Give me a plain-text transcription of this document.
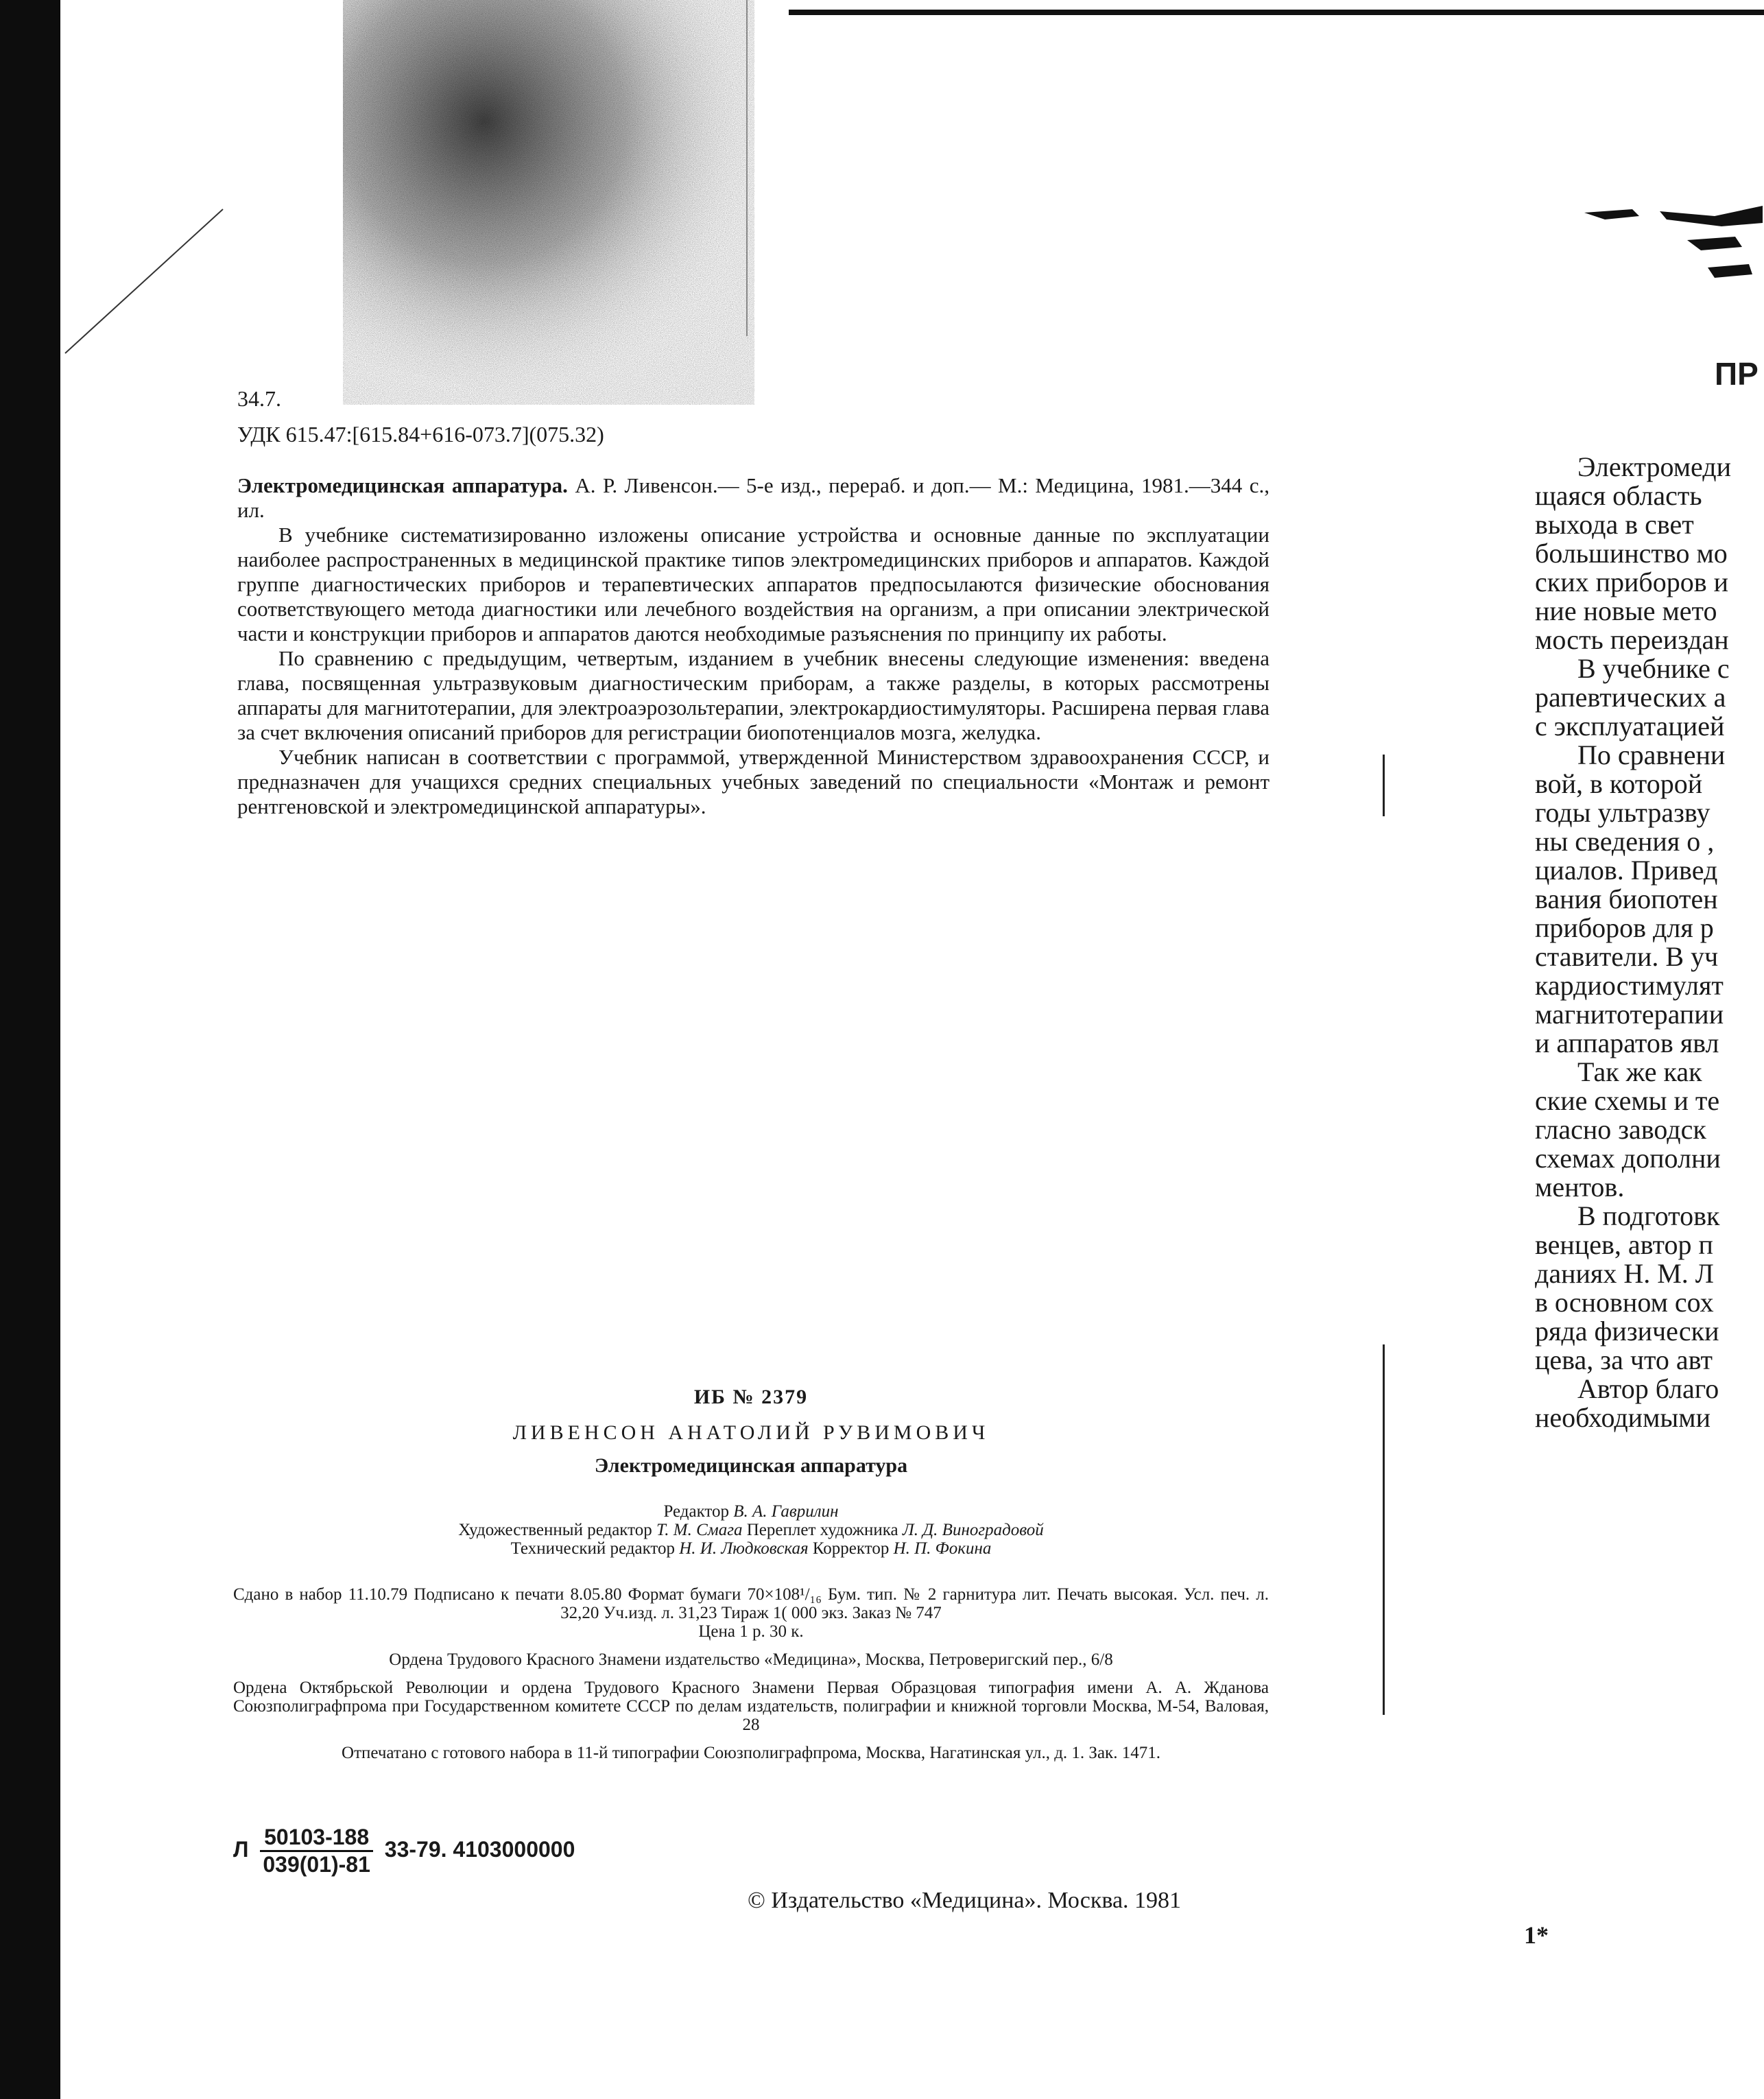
34.7.
УДК 615.47:[615.84+616-073.7](075.32)

Электромедицинская аппаратура. А. Р. Ливенсон.— 5-е изд., перераб. и доп.— М.: Медицина, 1981.—344 с., ил.

В учебнике систематизированно изложены описание устройства и основные данные по эксплуатации наиболее распространенных в медицинской практике типов электромедицинских приборов и аппаратов. Каждой группе диагностических приборов и терапевтических аппаратов предпосылаются физические обоснования соответствующего метода диагностики или лечебного воздействия на организм, а при описании электрической части и конструкции приборов и аппаратов даются необходимые разъяснения по принципу их работы.

По сравнению с предыдущим, четвертым, изданием в учебник внесены следующие изменения: введена глава, посвященная ультразвуковым диагностическим приборам, а также разделы, в которых рассмотрены аппараты для магнитотерапии, для электроаэрозольтерапии, электрокардиостимуляторы. Расширена первая глава за счет включения описаний приборов для регистрации биопотенциалов мозга, желудка.

Учебник написан в соответствии с программой, утвержденной Министерством здравоохранения СССР, и предназначен для учащихся средних специальных учебных заведений по специальности «Монтаж и ремонт рентгеновской и электромедицинской аппаратуры».

ИБ № 2379
ЛИВЕНСОН АНАТОЛИЙ РУВИМОВИЧ
Электромедицинская аппаратура
Редактор В. А. Гаврилин
Художественный редактор Т. М. Смага Переплет художника Л. Д. Виноградовой
Технический редактор Н. И. Людковская Корректор Н. П. Фокина

Сдано в набор 11.10.79 Подписано к печати 8.05.80 Формат бумаги 70×108¹/₁₆ Бум. тип. № 2 гарнитура лит. Печать высокая. Усл. печ. л. 32,20 Уч.изд. л. 31,23 Тираж 1( 000 экз. Заказ № 747

Цена 1 р. 30 к.

Ордена Трудового Красного Знамени издательство «Медицина», Москва, Петроверигский пер., 6/8

Ордена Октябрьской Революции и ордена Трудового Красного Знамени Первая Образцовая типография имени А. А. Жданова Союзполиграфпрома при Государственном комитете СССР по делам издательств, полиграфии и книжной торговли Москва, М-54, Валовая, 28

Отпечатано с готового набора в 11-й типографии Союзполиграфпрома, Москва, Нагатинская ул., д. 1. Зак. 1471.

Л $\frac{50103-188}{039(01)-81} 33-79$. 4103000000
© Издательство «Медицина». Москва. 1981
ПР
Электромеди
щаяся область
выхода в свет
большинство мо
ских приборов и
ние новые мето
мость переиздан
В учебнике с
рапевтических а
с эксплуатацией
По сравнени
вой, в которой
годы ультразву
ны сведения о ,
циалов. Привед
вания биопотен
приборов для р
ставители. В уч
кардиостимулят
магнитотерапии
и аппаратов явл
Так же как
ские схемы и те
гласно заводск
схемах дополни
ментов.
В подготовк
венцев, автор п
даниях Н. М. Л
в основном сох
ряда физически
цева, за что авт
Автор благо
необходимыми
1*
